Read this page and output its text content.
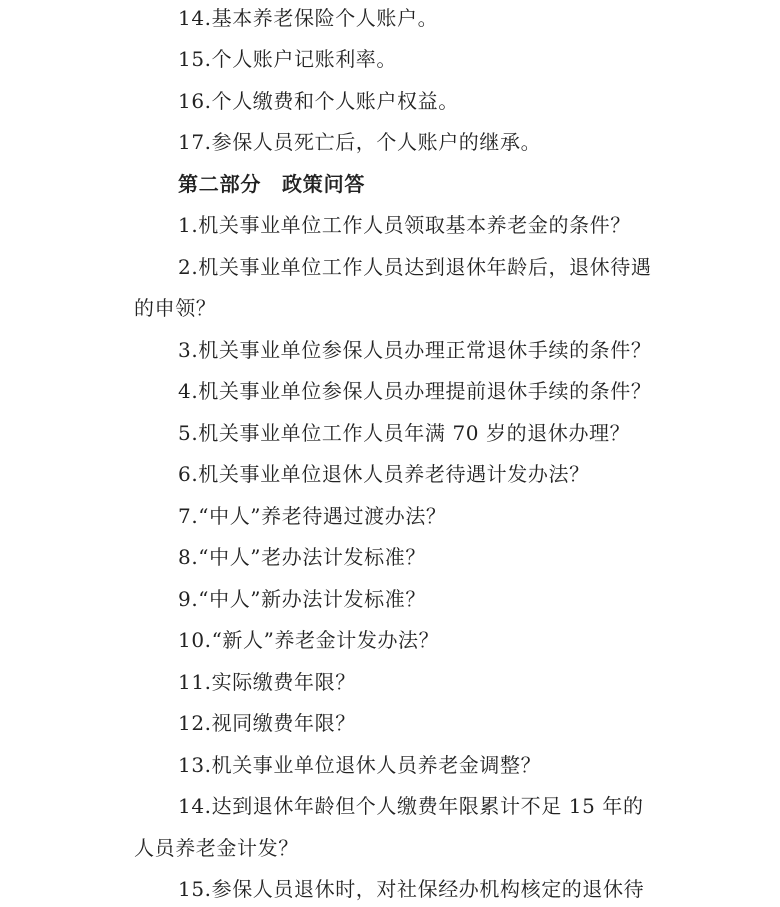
14.基本养老保险个人账户。
15.个人账户记账利率。
16.个人缴费和个人账户权益。
17.参保人员死亡后，个人账户的继承。
第二部分　政策问答
1.机关事业单位工作人员领取基本养老金的条件？
2.机关事业单位工作人员达到退休年龄后，退休待遇
的申领？
3.机关事业单位参保人员办理正常退休手续的条件？
4.机关事业单位参保人员办理提前退休手续的条件？
5.机关事业单位工作人员年满 70 岁的退休办理？
6.机关事业单位退休人员养老待遇计发办法？
7.“中人”养老待遇过渡办法？
8.“中人”老办法计发标准？
9.“中人”新办法计发标准？
10.“新人”养老金计发办法？
11.实际缴费年限？
12.视同缴费年限？
13.机关事业单位退休人员养老金调整？
14.达到退休年龄但个人缴费年限累计不足 15 年的
人员养老金计发？
15.参保人员退休时，对社保经办机构核定的退休待
